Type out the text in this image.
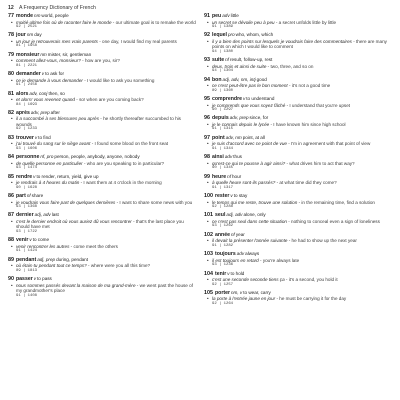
12 A Frequency Dictionary of French
77 mondenmworld, people
• moitié ultime fois où de raconter faire le monde - our ultimate goal is to remake the world
92 | 2521
78 journmday
• un jour je retrouverais mes vrais parents - one day, I would find my real parents
81 | 1958
79 monsieurnmmister, sir, gentleman
• comment allez-vous, monsieur? - how are you, sir?
81 | 2221
80 demandervto ask for
• ce je demande à vous demander - I would like to ask you something
91 | 2456
81 alorsadv, conjthen, so
• et alors! vous revenez quand - so! when are you coming back?
84 | 1693
82 aprèsadv, prepafter
• il a succombé à ses blessures peu après - he shortly thereafter succumbed to his wounds
92 | 1233
83 trouvervto find
• j'ai trouvé du sang sur le siège avant - I found some blood on the front seat
93 | 1606
84 personnenf, properson, people, anybody, anyone, nobody
• de quelle personne en particulier - who are you speaking to in particular?
93 | 1474
85 rendrevto render, return, yield, give up
• je rendrais à 4 heures du matin - I want them at 4 o'clock in the morning
90 | 1628
86 partnfshare
• je voudrais vous faire part de quelques dernières - I want to share some news with you
93 | 1368
87 dernieradj, advlast
• c'est le dernier endroit où vous auriez dû vous rencontrer - that's the last place you should have met
93 | 1722
88 venirvto come
• venir rencontrer les autres - come meet the others
91 | 1424
89 pendantadj, prepduring, pendant
• où étais-tu pendant tout ce temps? - where were you all this time?
89 | 1813
90 passervto pass
• nous sommes passés devant la maison de ma grand-mère - we went past the house of my grandmother's place
91 | 1408
91 peuadvlittle
• un secret se dévoile peu à peu - a secret unfolds little by little
91 | 1389
92 lequelprowho, whom, which
• il y a bien des points sur lesquels je voudrais faire des commentaires - there are many points on which I would like to comment
94 | 1380
93 suitenfresult, follow-up, rest
• deux, trois et ainsi de suite - two, three, and so on
94 | 1304
94 bonadj, adv, nm, intjgood
• ce n'est peut-être pas le bon moment - it's not a good time
89 | 1360
95 comprendrevto understand
• je comprends que vous soyez fâché - I understand that you're upset
90 | 1297
96 depuisadv, prepsince, for
• je le connais depuis le lycée - I have known him since high school
91 | 1315
97 pointadv, nmpoint, at all
• je suis d'accord avec ce point de vue - I'm in agreement with that point of view
91 | 1344
98 ainsiadvthus
• qu'est-ce qui te pousse à agir ainsi? - what drives him to act that way?
90 | 1345
99 heurenfhour
• à quelle heure sont-ils passés? - at what time did they come?
91 | 1317
100 restervto stay
• le temps qui me reste, trouve une solution - in the remaining time, find a solution
92 | 1288
101 seuladj, advalone, only
• ce n'est pas seul dans cette situation - nothing to conceal even a sign of loneliness
93 | 1262
102 annéenfyear
• il devait la présenter l'année suivante - he had to show up the next year
91 | 1282
103 toujoursadvalways
• il est toujours en retard - you're always late
93 | 1236
104 tenirvto hold
• c'est une seconde seconde tiens ça - it's a second, you hold it
92 | 1257
105 porternm, vto wear, carry
• la porte à l'entrée jaune en jour - he must be carrying it for the day
92 | 1264
